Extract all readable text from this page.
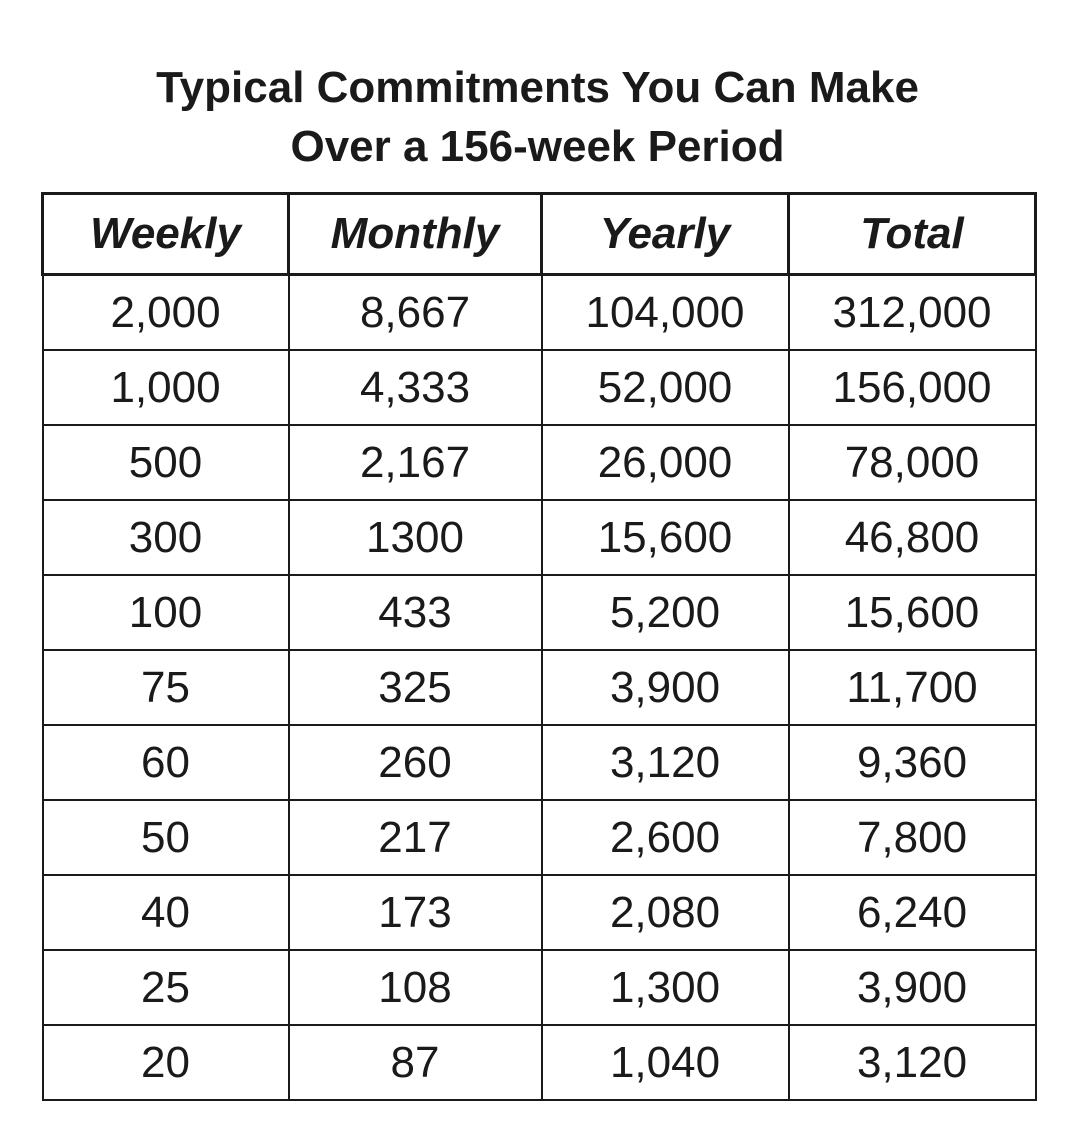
Typical Commitments You Can Make
Over a 156-week Period
Weekly	Monthly	Yearly	Total
2,000	8,667	104,000	312,000
1,000	4,333	52,000	156,000
500	2,167	26,000	78,000
300	1300	15,600	46,800
100	433	5,200	15,600
75	325	3,900	11,700
60	260	3,120	9,360
50	217	2,600	7,800
40	173	2,080	6,240
25	108	1,300	3,900
20	87	1,040	3,120
